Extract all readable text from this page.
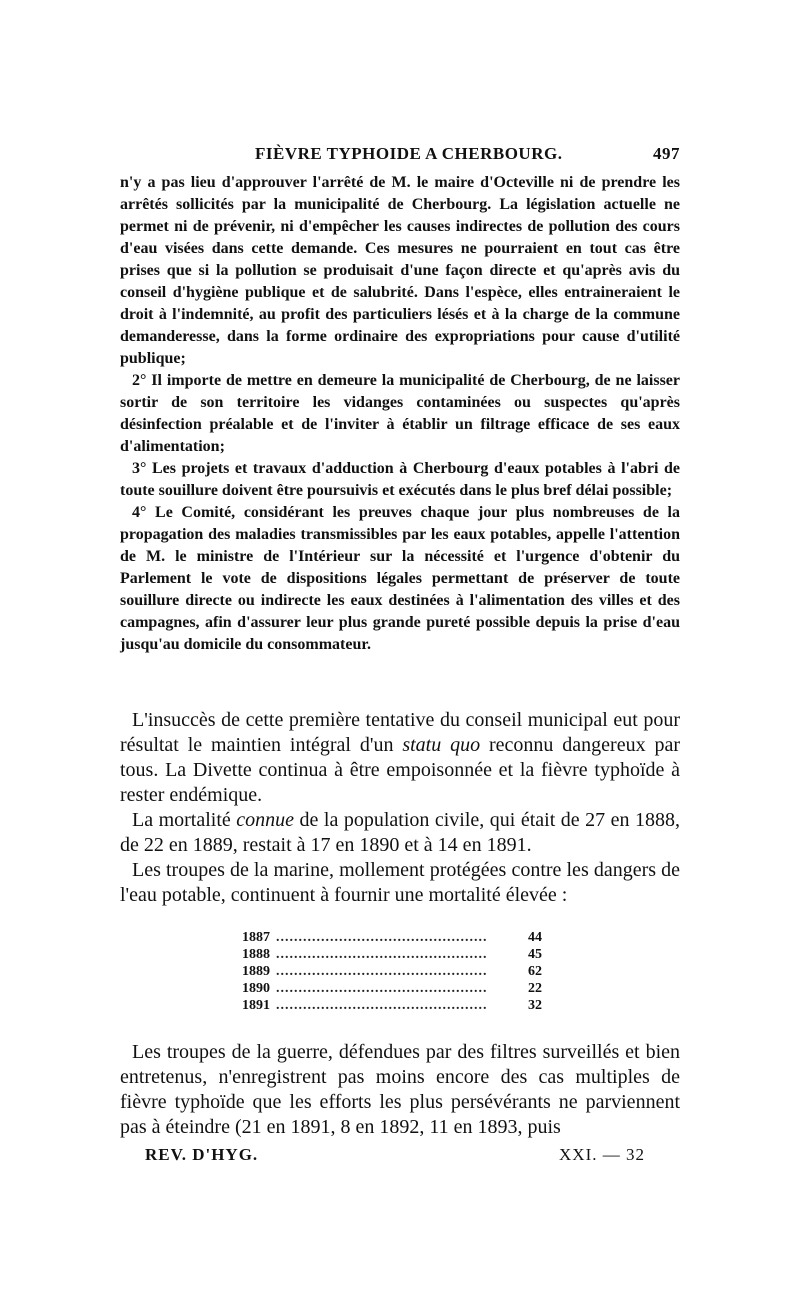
FIÈVRE TYPHOIDE A CHERBOURG.	497

n'y a pas lieu d'approuver l'arrêté de M. le maire d'Octeville ni de prendre les arrêtés sollicités par la municipalité de Cherbourg. La législation actuelle ne permet ni de prévenir, ni d'empêcher les causes indirectes de pollution des cours d'eau visées dans cette demande. Ces mesures ne pourraient en tout cas être prises que si la pollution se produisait d'une façon directe et qu'après avis du conseil d'hygiène publique et de salubrité. Dans l'espèce, elles entraineraient le droit à l'indemnité, au profit des particuliers lésés et à la charge de la commune demanderesse, dans la forme ordinaire des expropriations pour cause d'utilité publique;

2° Il importe de mettre en demeure la municipalité de Cherbourg, de ne laisser sortir de son territoire les vidanges contaminées ou suspectes qu'après désinfection préalable et de l'inviter à établir un filtrage efficace de ses eaux d'alimentation;

3° Les projets et travaux d'adduction à Cherbourg d'eaux potables à l'abri de toute souillure doivent être poursuivis et exécutés dans le plus bref délai possible;

4° Le Comité, considérant les preuves chaque jour plus nombreuses de la propagation des maladies transmissibles par les eaux potables, appelle l'attention de M. le ministre de l'Intérieur sur la nécessité et l'urgence d'obtenir du Parlement le vote de dispositions légales permettant de préserver de toute souillure directe ou indirecte les eaux destinées à l'alimentation des villes et des campagnes, afin d'assurer leur plus grande pureté possible depuis la prise d'eau jusqu'au domicile du consommateur.

L'insuccès de cette première tentative du conseil municipal eut pour résultat le maintien intégral d'un statu quo reconnu dangereux par tous. La Divette continua à être empoisonnée et la fièvre typhoïde à rester endémique.

La mortalité connue de la population civile, qui était de 27 en 1888, de 22 en 1889, restait à 17 en 1890 et à 14 en 1891.

Les troupes de la marine, mollement protégées contre les dangers de l'eau potable, continuent à fournir une mortalité élevée :

1887 ...............................................	44
1888 ...............................................	45
1889 ...............................................	62
1890 ...............................................	22
1891 ...............................................	32

Les troupes de la guerre, défendues par des filtres surveillés et bien entretenus, n'enregistrent pas moins encore des cas multiples de fièvre typhoïde que les efforts les plus persévérants ne parviennent pas à éteindre (21 en 1891, 8 en 1892, 11 en 1893, puis

REV. D'HYG.	XXI. — 32
